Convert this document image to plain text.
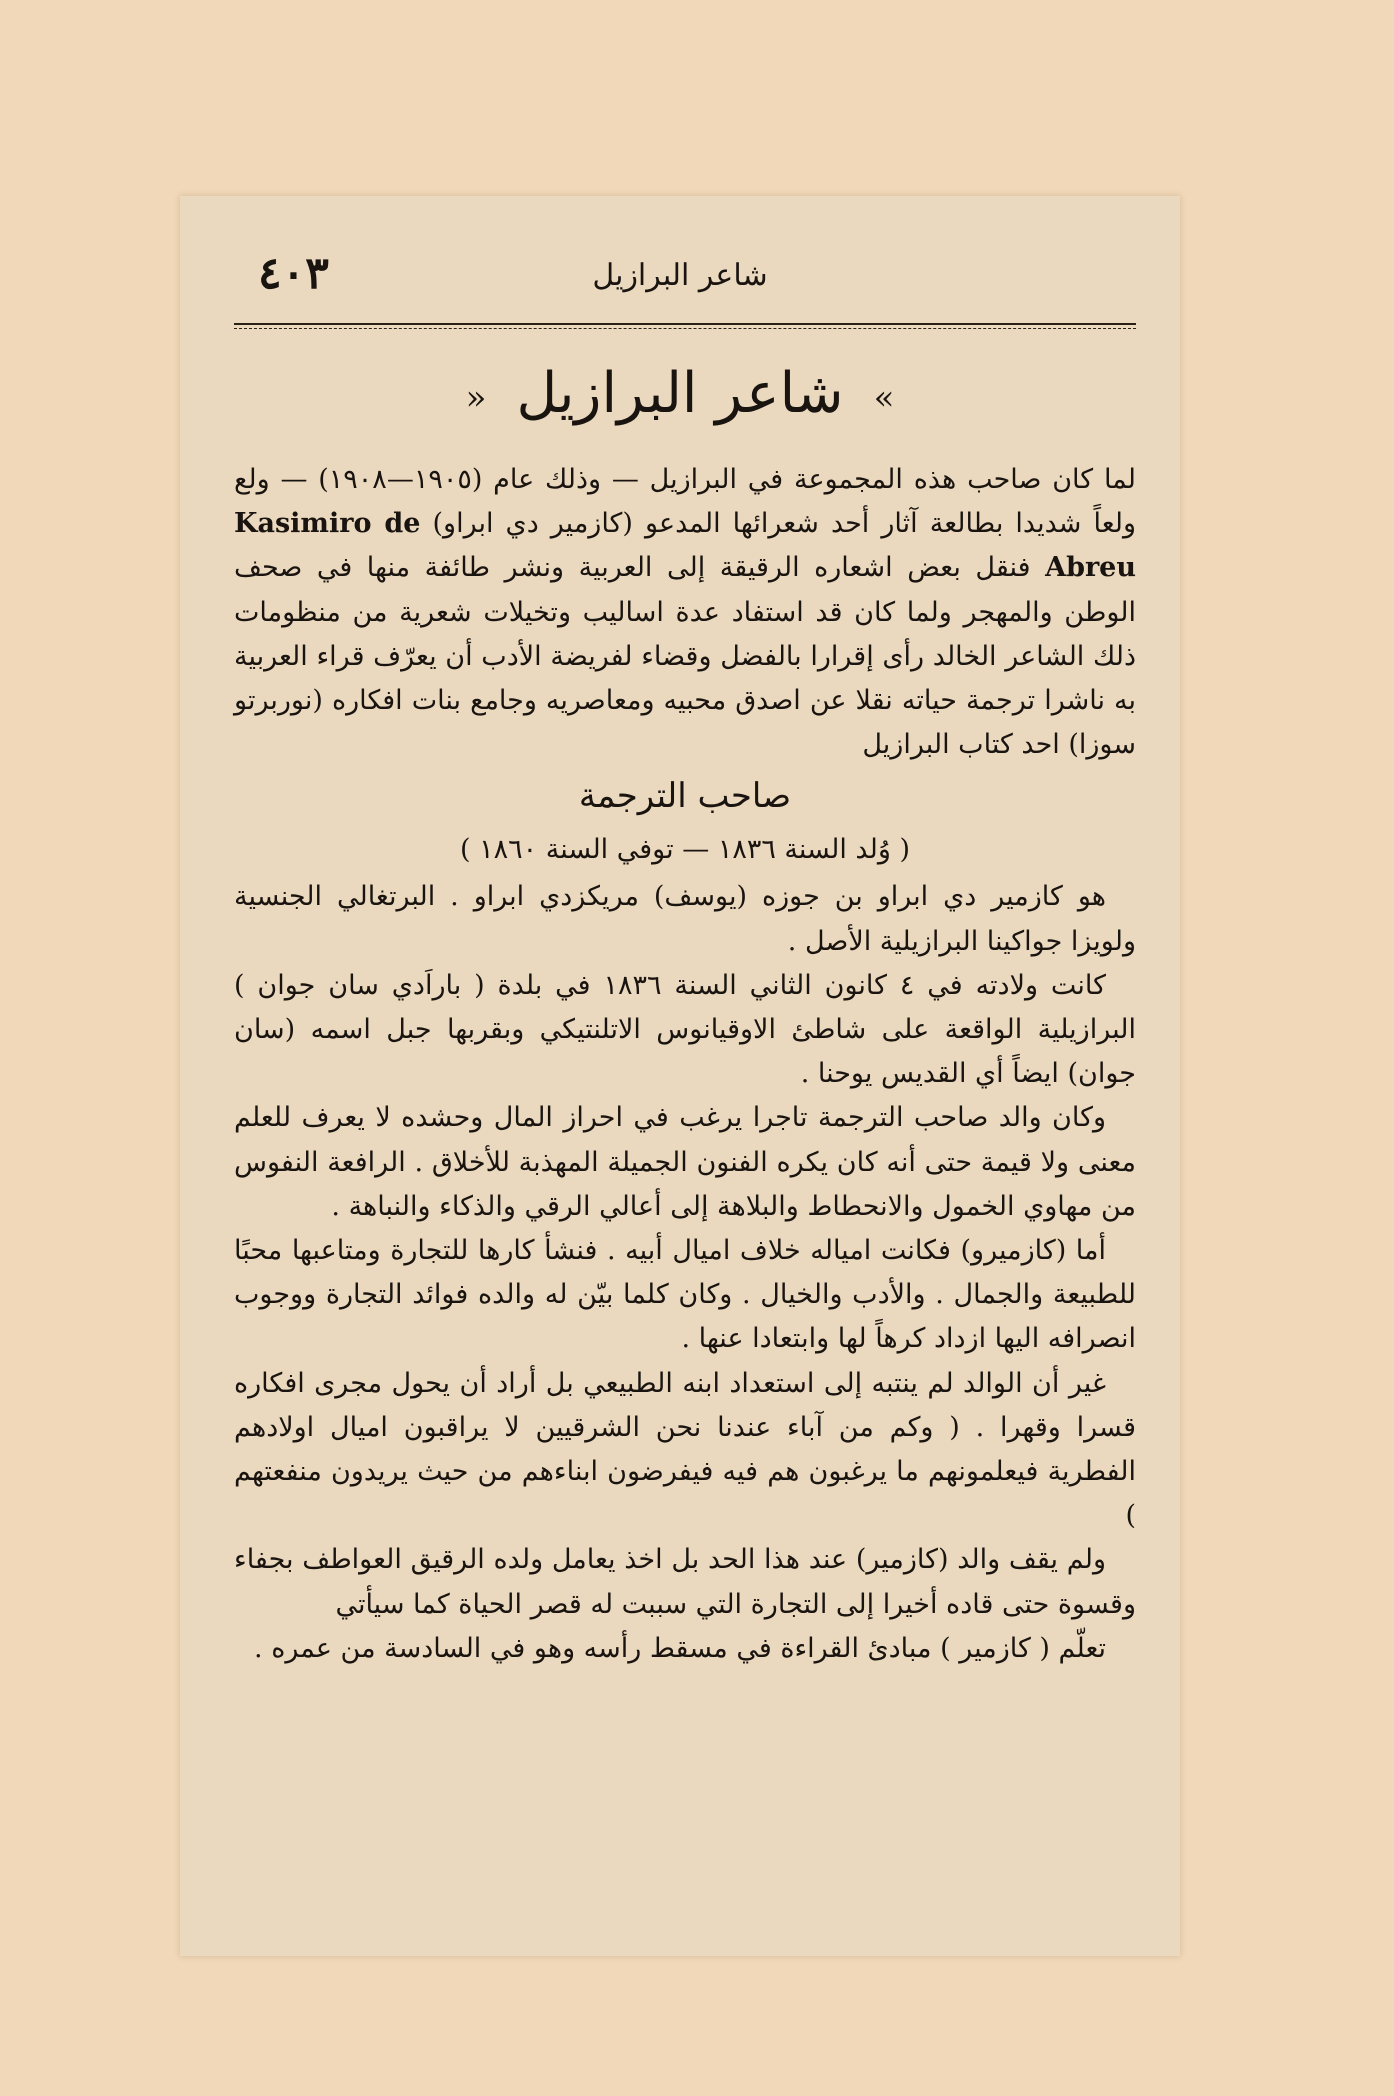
٤٠٣	شاعر البرازيل
»شاعر البرازيل«

لما كان صاحب هذه المجموعة في البرازيل — وذلك عام (١٩٠٥—١٩٠٨) — ولع ولعاً شديدا بطالعة آثار أحد شعرائها المدعو (كازمير دي ابراو) Kasimiro de Abreu فنقل بعض اشعاره الرقيقة إلى العربية ونشر طائفة منها في صحف الوطن والمهجر ولما كان قد استفاد عدة اساليب وتخيلات شعرية من منظومات ذلك الشاعر الخالد رأى إقرارا بالفضل وقضاء لفريضة الأدب أن يعرّف قراء العربية به ناشرا ترجمة حياته نقلا عن اصدق محبيه ومعاصريه وجامع بنات افكاره (نوربرتو سوزا) احد كتاب البرازيل

صاحب الترجمة

( وُلد السنة ١٨٣٦ — توفي السنة ١٨٦٠ )

هو كازمير دي ابراو بن جوزه (يوسف) مريكزدي ابراو . البرتغالي الجنسية ولويزا جواكينا البرازيلية الأصل .

كانت ولادته في ٤ كانون الثاني السنة ١٨٣٦ في بلدة ( باراَدي سان جوان ) البرازيلية الواقعة على شاطئ الاوقيانوس الاتلنتيكي وبقربها جبل اسمه (سان جوان) ايضاً أي القديس يوحنا .

وكان والد صاحب الترجمة تاجرا يرغب في احراز المال وحشده لا يعرف للعلم معنى ولا قيمة حتى أنه كان يكره الفنون الجميلة المهذبة للأخلاق . الرافعة النفوس من مهاوي الخمول والانحطاط والبلاهة إلى أعالي الرقي والذكاء والنباهة .

أما (كازميرو) فكانت امياله خلاف اميال أبيه . فنشأ كارها للتجارة ومتاعبها محبًا للطبيعة والجمال . والأدب والخيال . وكان كلما بيّن له والده فوائد التجارة ووجوب انصرافه اليها ازداد كرهاً لها وابتعادا عنها .

غير أن الوالد لم ينتبه إلى استعداد ابنه الطبيعي بل أراد أن يحول مجرى افكاره قسرا وقهرا . ( وكم من آباء عندنا نحن الشرقيين لا يراقبون اميال اولادهم الفطرية فيعلمونهم ما يرغبون هم فيه فيفرضون ابناءهم من حيث يريدون منفعتهم )

ولم يقف والد (كازمير) عند هذا الحد بل اخذ يعامل ولده الرقيق العواطف بجفاء وقسوة حتى قاده أخيرا إلى التجارة التي سببت له قصر الحياة كما سيأتي

تعلّم ( كازمير ) مبادئ القراءة في مسقط رأسه وهو في السادسة من عمره .
